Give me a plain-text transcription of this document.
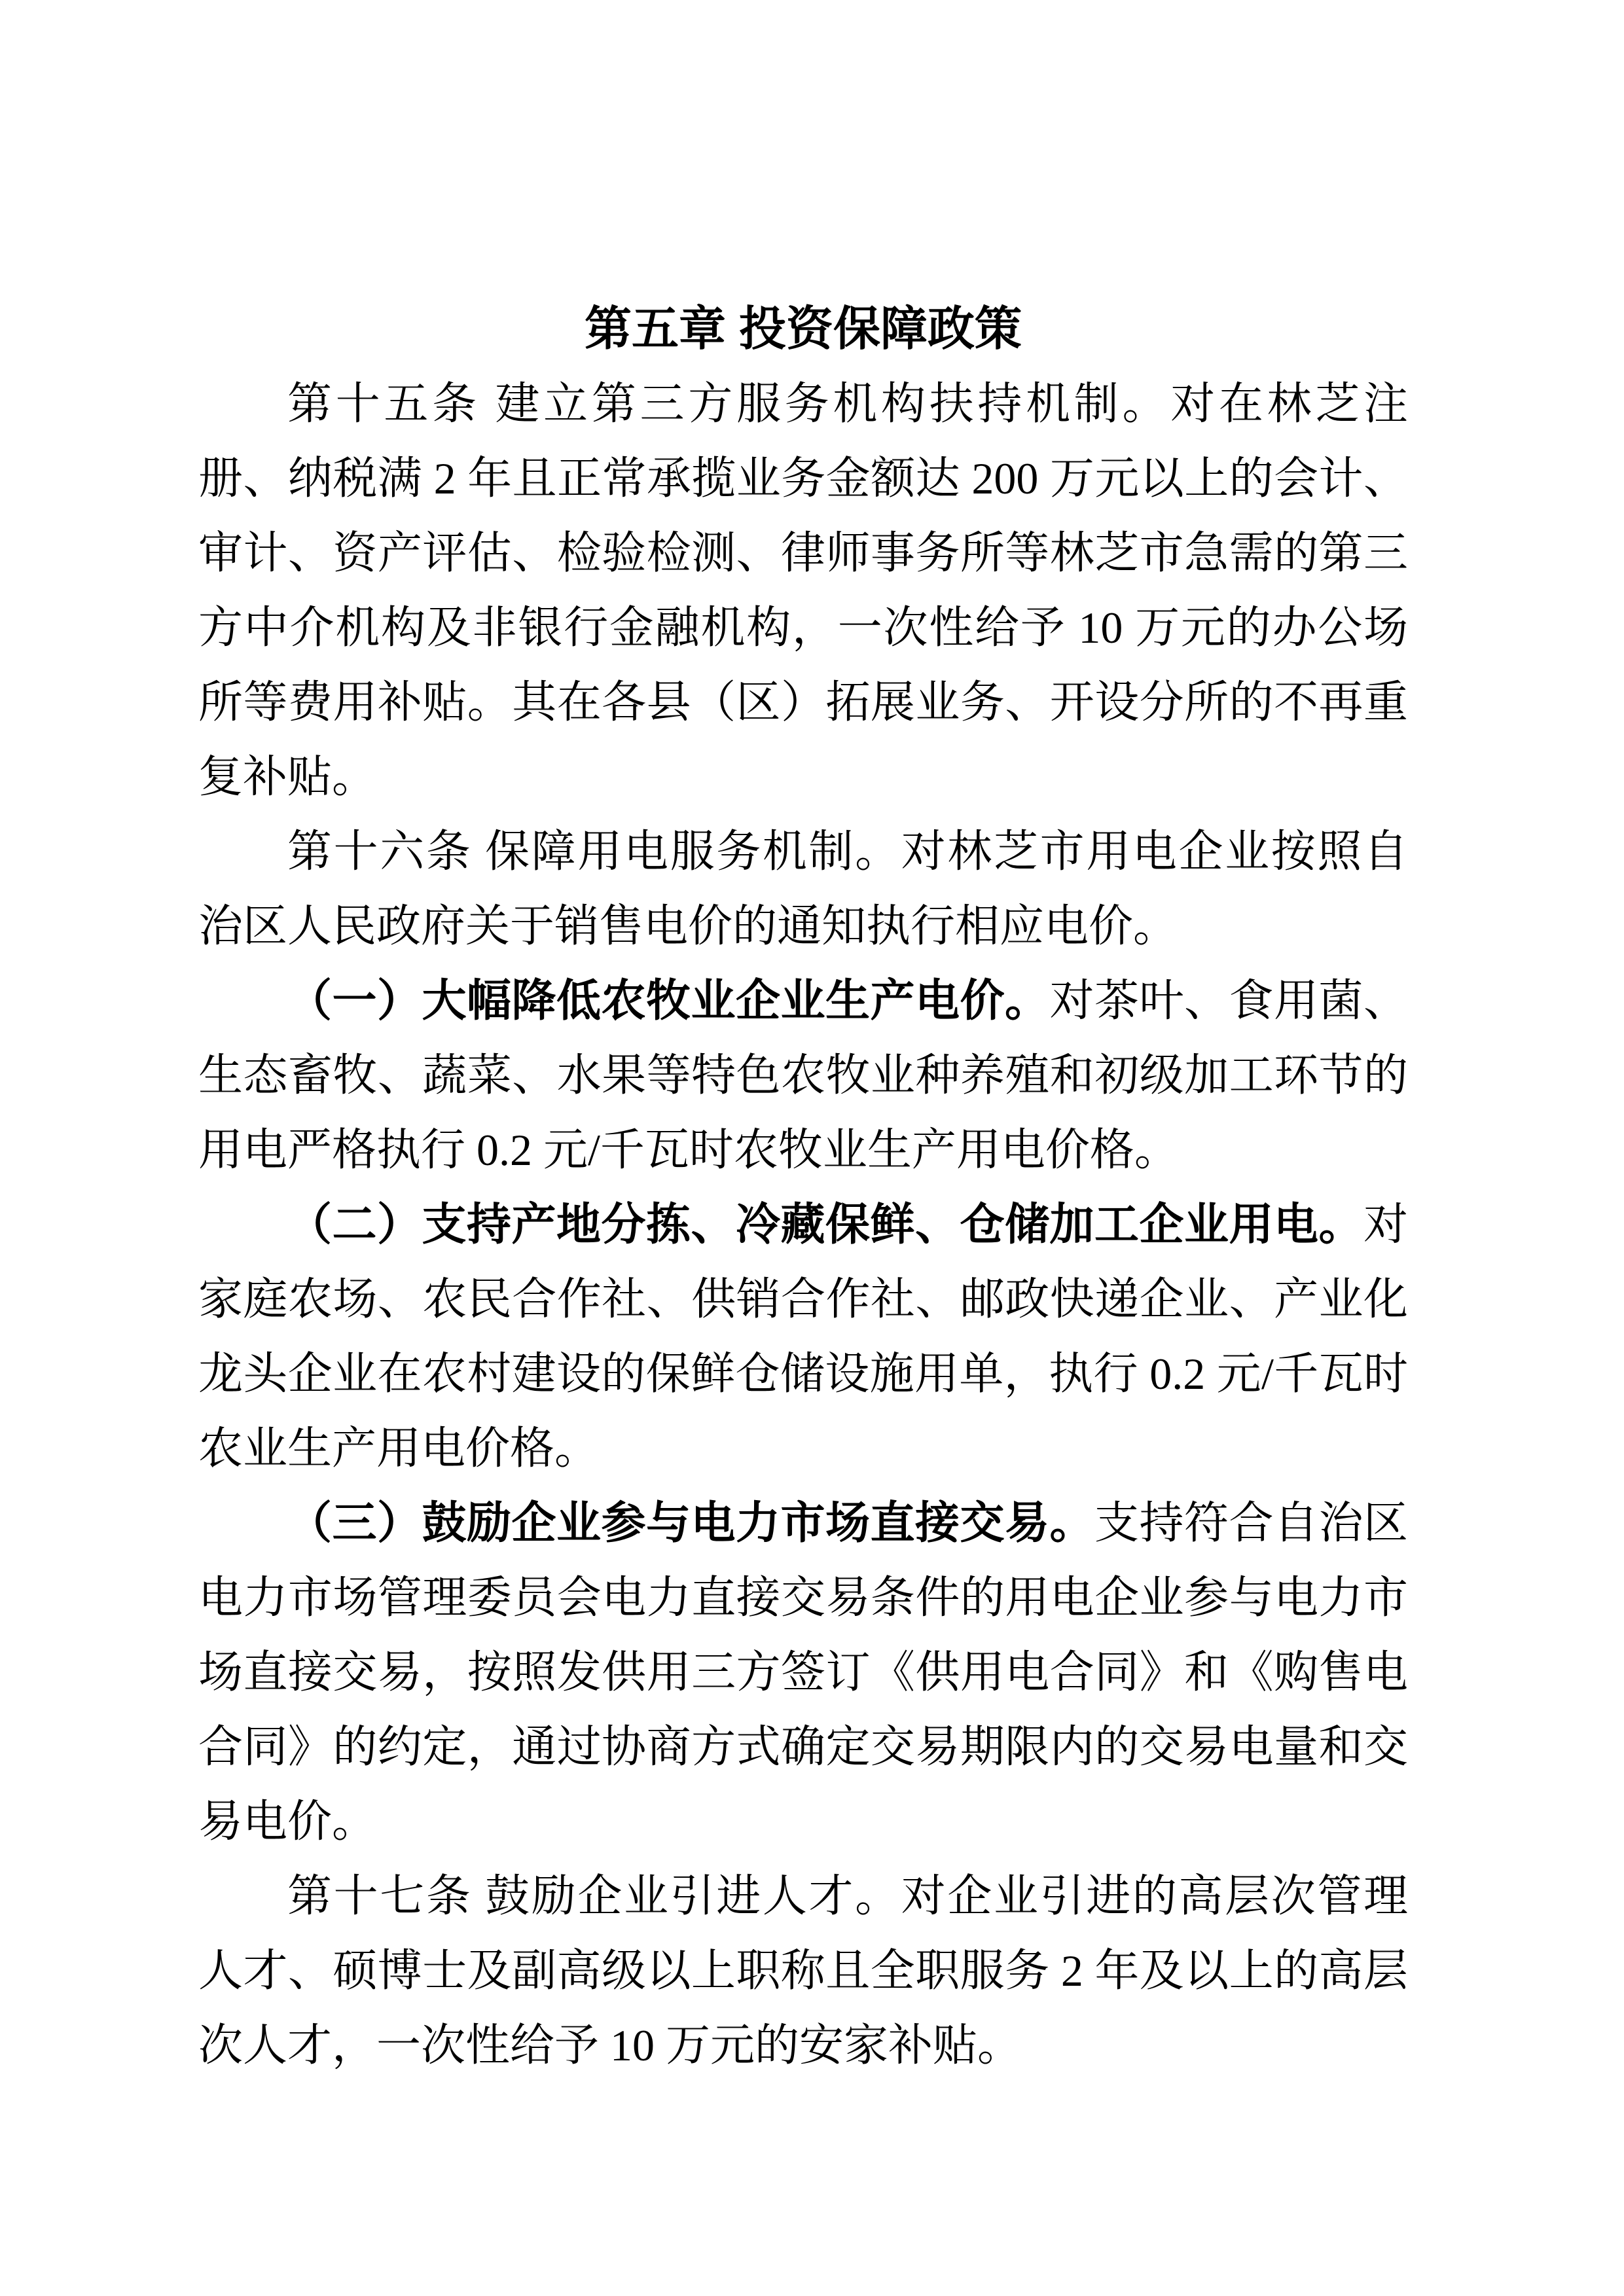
第五章 投资保障政策

第十五条 建立第三方服务机构扶持机制。对在林芝注册、纳税满 2 年且正常承揽业务金额达 200 万元以上的会计、审计、资产评估、检验检测、律师事务所等林芝市急需的第三方中介机构及非银行金融机构，一次性给予 10 万元的办公场所等费用补贴。其在各县（区）拓展业务、开设分所的不再重复补贴。

第十六条 保障用电服务机制。对林芝市用电企业按照自治区人民政府关于销售电价的通知执行相应电价。

（一）大幅降低农牧业企业生产电价。对茶叶、食用菌、生态畜牧、蔬菜、水果等特色农牧业种养殖和初级加工环节的用电严格执行 0.2 元/千瓦时农牧业生产用电价格。

（二）支持产地分拣、冷藏保鲜、仓储加工企业用电。对家庭农场、农民合作社、供销合作社、邮政快递企业、产业化龙头企业在农村建设的保鲜仓储设施用单，执行 0.2 元/千瓦时农业生产用电价格。

（三）鼓励企业参与电力市场直接交易。支持符合自治区电力市场管理委员会电力直接交易条件的用电企业参与电力市场直接交易，按照发供用三方签订《供用电合同》和《购售电合同》的约定，通过协商方式确定交易期限内的交易电量和交易电价。

第十七条 鼓励企业引进人才。对企业引进的高层次管理人才、硕博士及副高级以上职称且全职服务 2 年及以上的高层次人才，一次性给予 10 万元的安家补贴。
